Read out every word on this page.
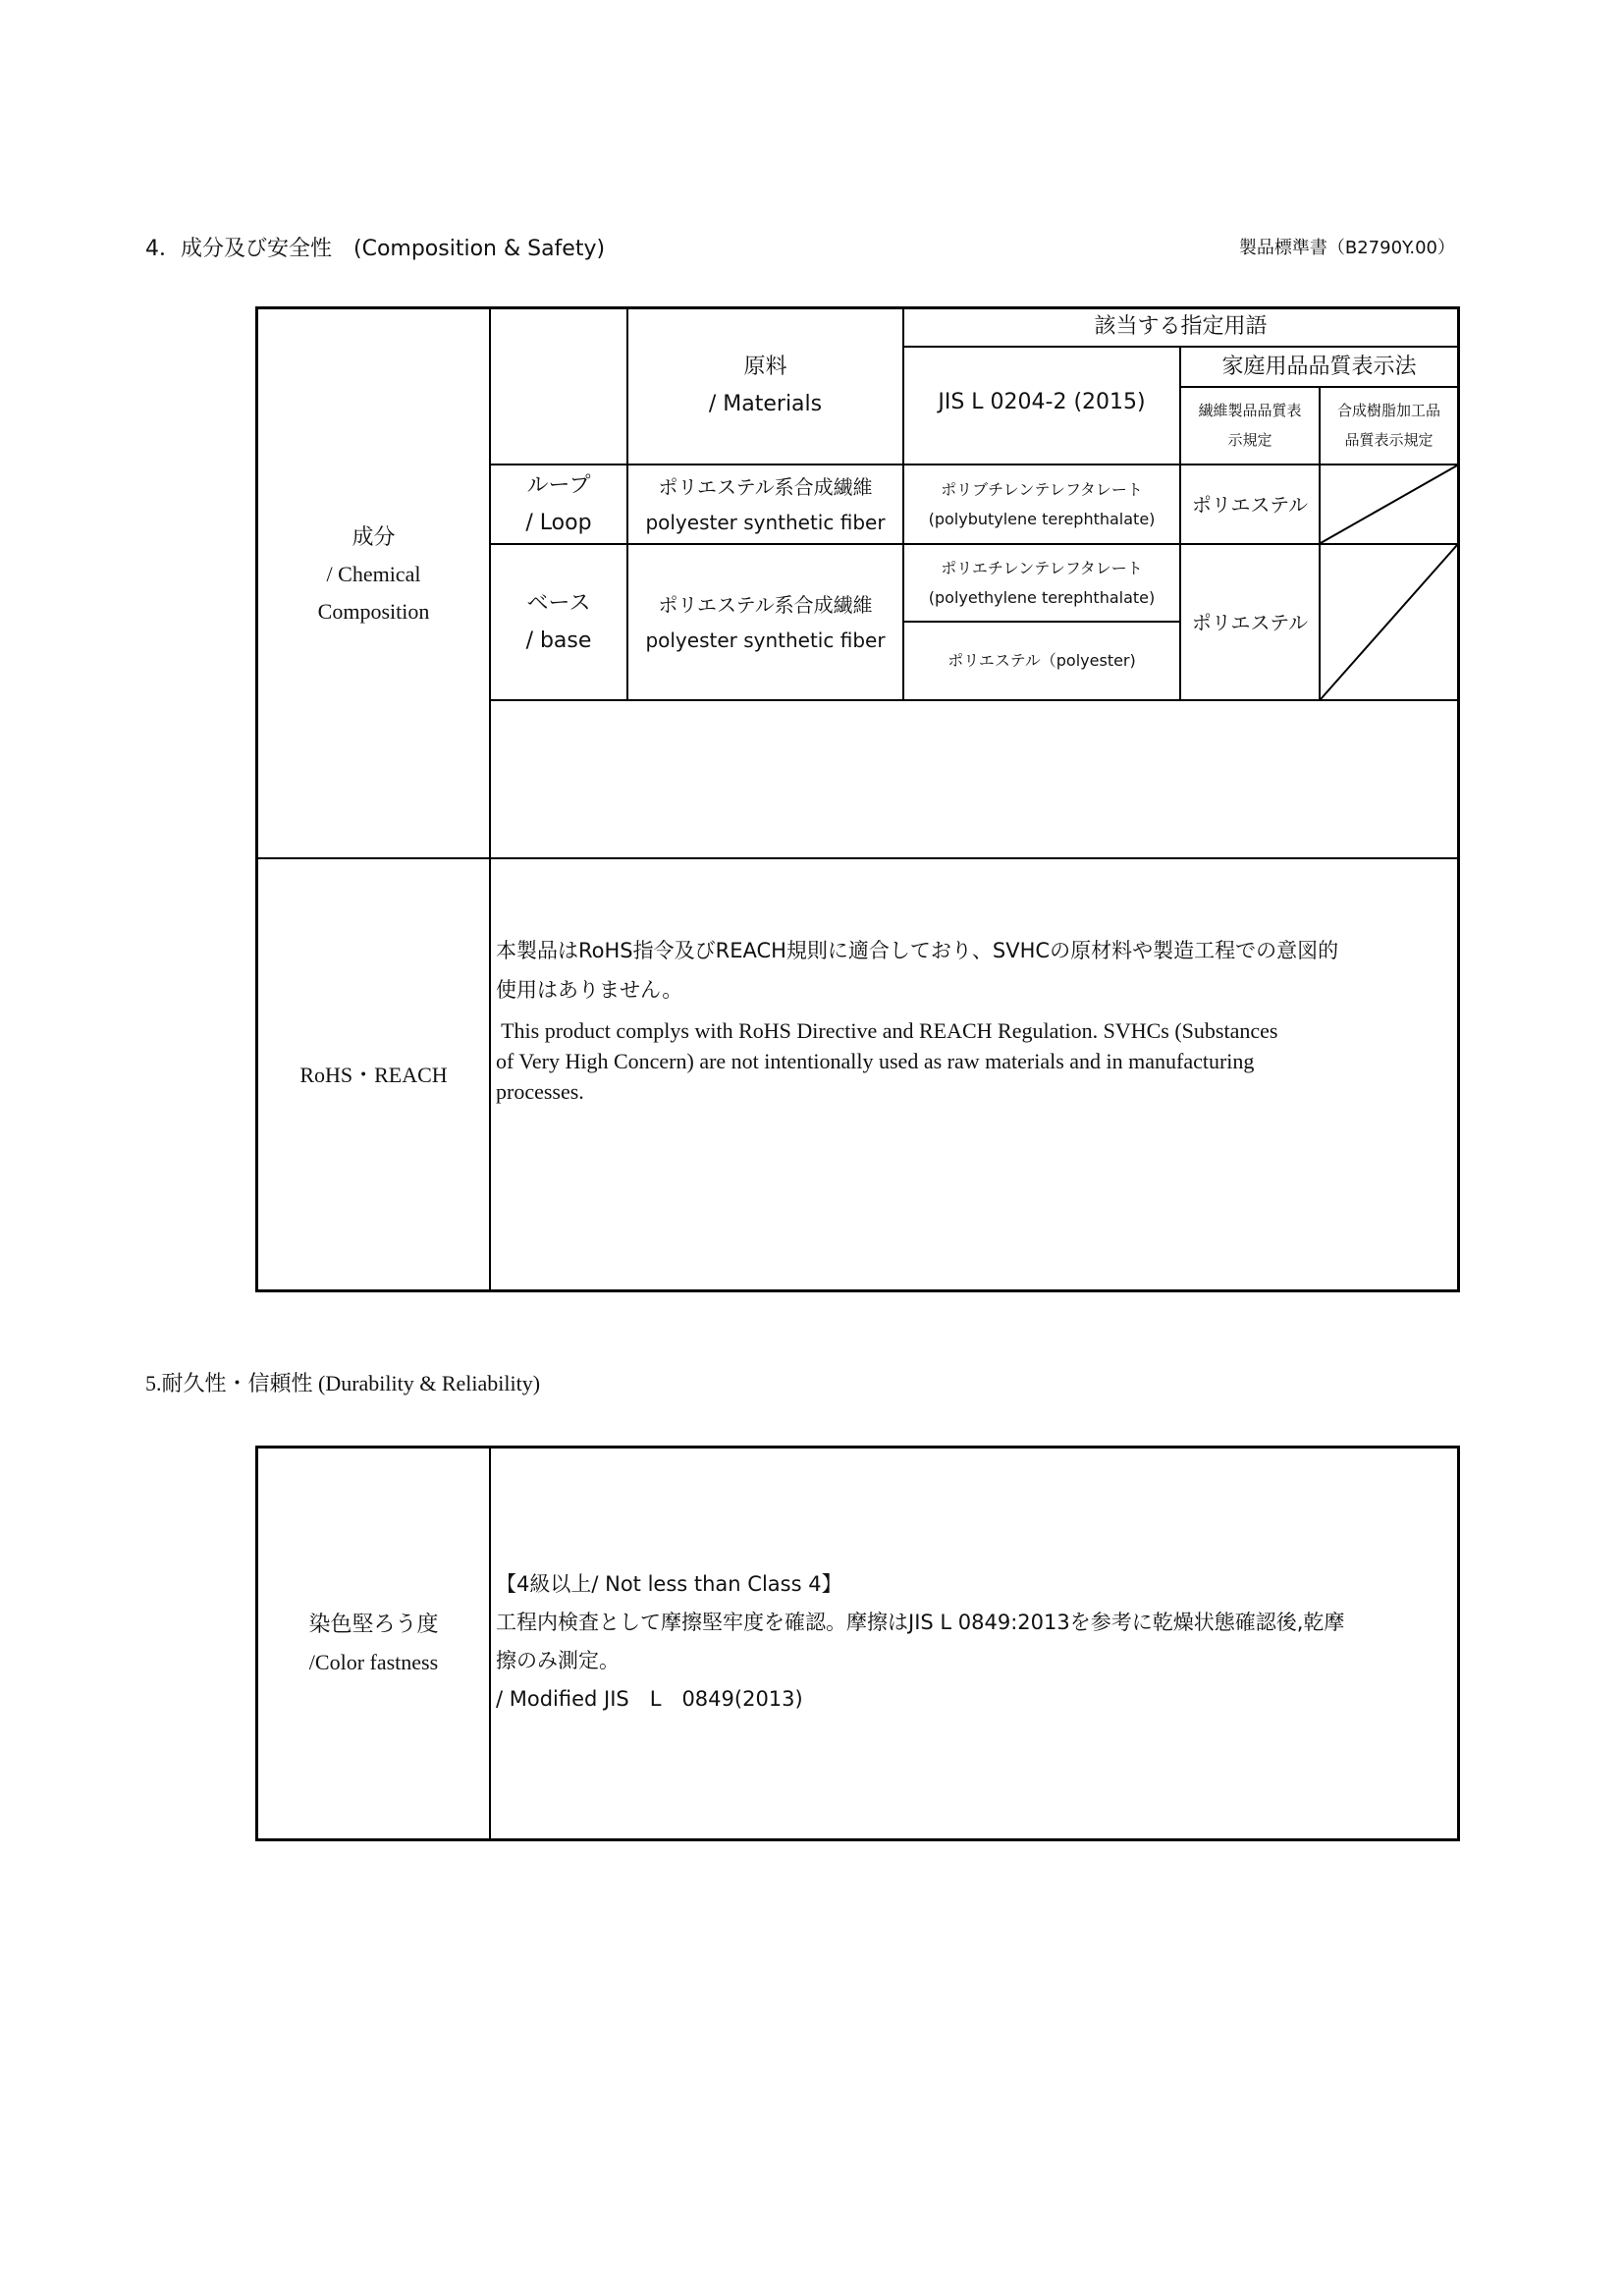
4．成分及び安全性　(Composition & Safety)	製品標準書（B2790Y.00）
原料
/ Materials
該当する指定用語
JIS L 0204-2 (2015)
家庭用品品質表示法
繊維製品品質表
示規定
合成樹脂加工品
品質表示規定
成分
/ Chemical
Composition
ループ
/ Loop
ポリエステル系合成繊維
polyester synthetic fiber
ポリブチレンテレフタレート
(polybutylene terephthalate)
ポリエステル
ベース
/ base
ポリエステル系合成繊維
polyester synthetic fiber
ポリエチレンテレフタレート
(polyethylene terephthalate)
ポリエステル（polyester)
ポリエステル
RoHS・REACH
本製品はRoHS指令及びREACH規則に適合しており、SVHCの原材料や製造工程での意図的
使用はありません。
This product complys with RoHS Directive and REACH Regulation. SVHCs (Substances
of Very High Concern) are not intentionally used as raw materials and in manufacturing
processes.
5.耐久性・信頼性 (Durability & Reliability)
染色堅ろう度
/Color fastness
【4級以上/ Not less than Class 4】
工程内検査として摩擦堅牢度を確認。摩擦はJIS L 0849:2013を参考に乾燥状態確認後,乾摩
擦のみ測定。
/ Modified JIS　L　0849(2013)
